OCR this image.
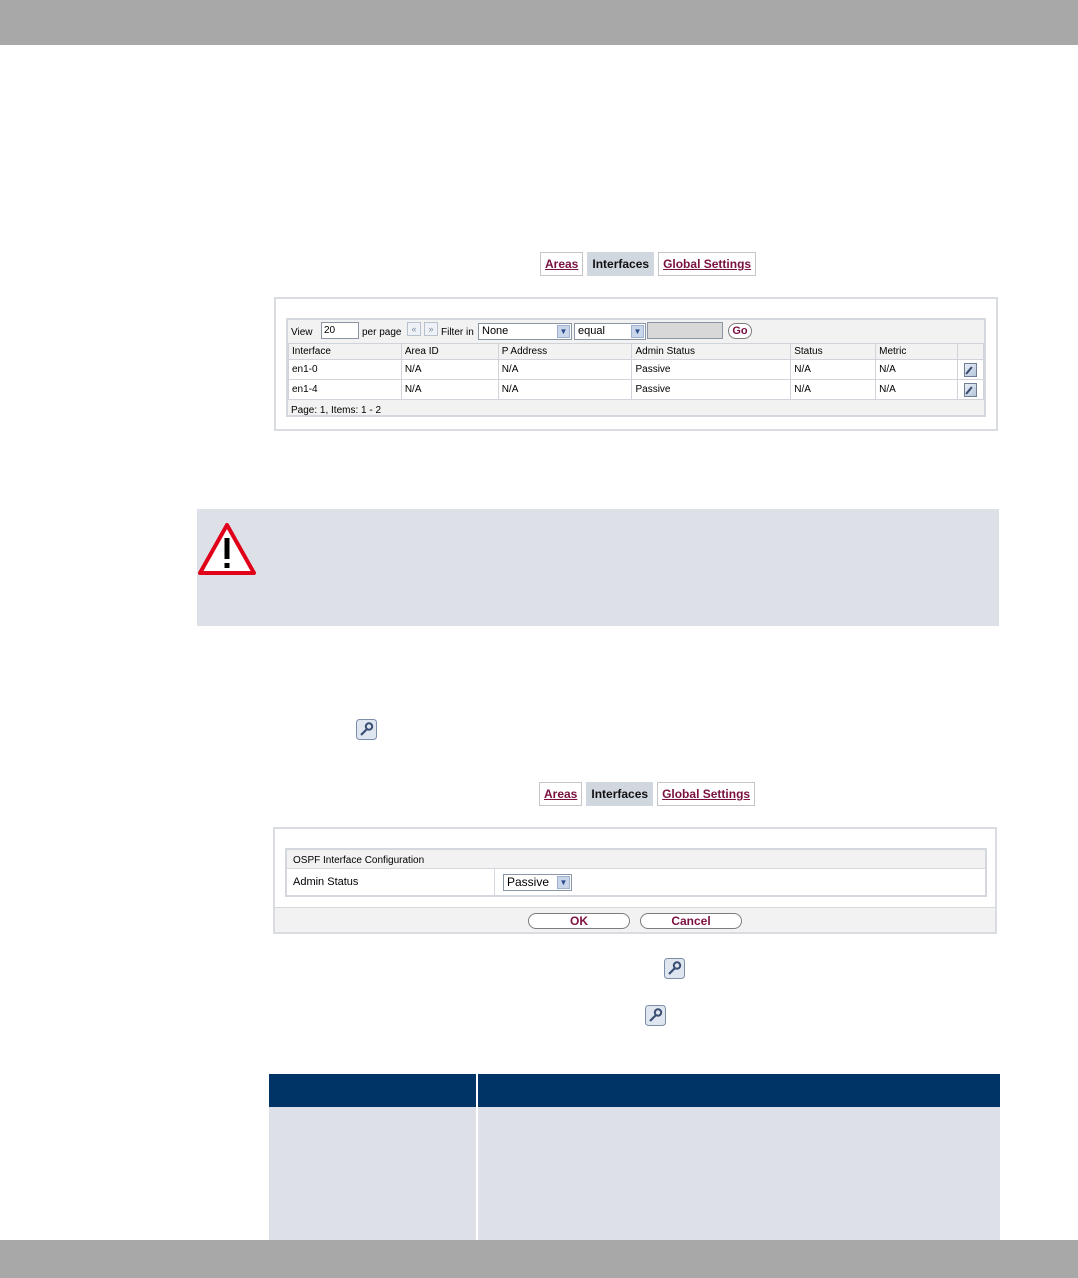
Areas	Interfaces	Global Settings
View	20	per page	«	» Filter in None	▼ equal	▼	Go
Interface	Area ID	P Address	Admin Status	Status	Metric	
en1-0	N/A	N/A	Passive	N/A	N/A	
en1-4	N/A	N/A	Passive	N/A	N/A	
Page: 1, Items: 1 - 2
Areas	Interfaces	Global Settings
OSPF Interface Configuration
Admin Status	Passive	▼
OK	Cancel
